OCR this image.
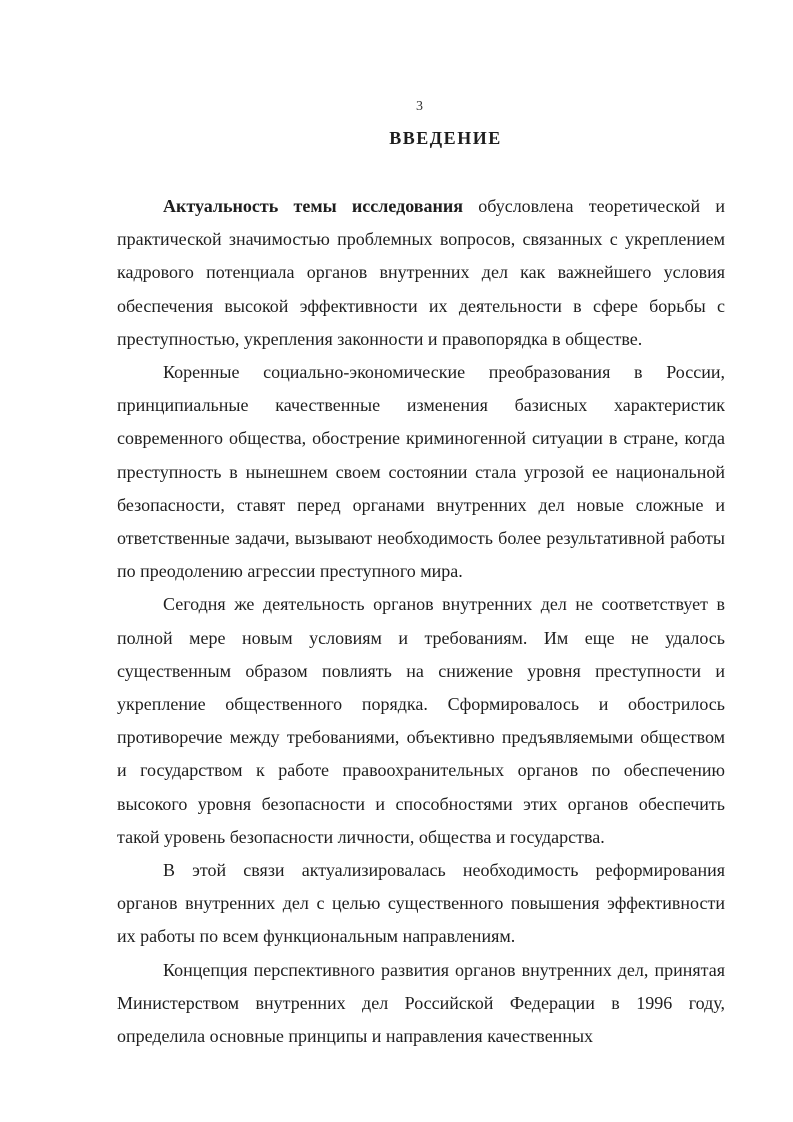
3
ВВЕДЕНИЕ

Актуальность темы исследования обусловлена теоретической и практической значимостью проблемных вопросов, связанных с укреплением кадрового потенциала органов внутренних дел как важнейшего условия обеспечения высокой эффективности их деятельности в сфере борьбы с преступностью, укрепления законности и правопорядка в обществе.

Коренные социально-экономические преобразования в России, принципиальные качественные изменения базисных характеристик современного общества, обострение криминогенной ситуации в стране, когда преступность в нынешнем своем состоянии стала угрозой ее национальной безопасности, ставят перед органами внутренних дел новые сложные и ответственные задачи, вызывают необходимость более результативной работы по преодолению агрессии преступного мира.

Сегодня же деятельность органов внутренних дел не соответствует в полной мере новым условиям и требованиям. Им еще не удалось существенным образом повлиять на снижение уровня преступности и укрепление общественного порядка. Сформировалось и обострилось противоречие между требованиями, объективно предъявляемыми обществом и государством к работе правоохранительных органов по обеспечению высокого уровня безопасности и способностями этих органов обеспечить такой уровень безопасности личности, общества и государства.

В этой связи актуализировалась необходимость реформирования органов внутренних дел с целью существенного повышения эффективности их работы по всем функциональным направлениям.

Концепция перспективного развития органов внутренних дел, принятая Министерством внутренних дел Российской Федерации в 1996 году, определила основные принципы и направления качественных
